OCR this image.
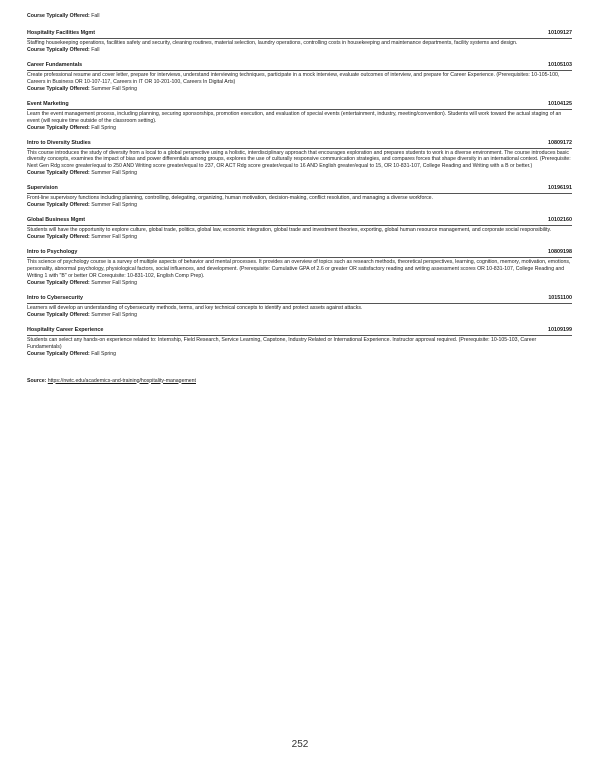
Course Typically Offered: Fall
Hospitality Facilities Mgmt	10109127
Staffing housekeeping operations, facilities safety and security, cleaning routines, material selection, laundry operations, controlling costs in housekeeping and maintenance departments, facility systems and design.
Course Typically Offered: Fall
Career Fundamentals	10105103
Create professional resume and cover letter, prepare for interviews, understand interviewing techniques, participate in a mock interview, evaluate outcomes of interview, and prepare for Career Experience. (Prerequisites: 10-105-100, Careers in Business OR 10-107-117, Careers in IT OR 10-201-100, Careers In Digital Arts)
Course Typically Offered: Summer Fall Spring
Event Marketing	10104125
Learn the event management process, including planning, securing sponsorships, promotion execution, and evaluation of special events (entertainment, industry, meeting/convention). Students will work toward the actual staging of an event (will require time outside of the classroom setting).
Course Typically Offered: Fall Spring
Intro to Diversity Studies	10809172
This course introduces the study of diversity from a local to a global perspective using a holistic, interdisciplinary approach that encourages exploration and prepares students to work in a diverse environment. The course introduces basic diversity concepts, examines the impact of bias and power differentials among groups, explores the use of culturally responsive communication strategies, and compares forces that shape diversity in an international context. (Prerequisite: Next Gen Rdg score greater/equal to 250 AND Writing score greater/equal to 237, OR ACT Rdg score greater/equal to 16 AND English greater/equal to 15, OR 10-831-107, College Reading and Writing with a B or better.)
Course Typically Offered: Summer Fall Spring
Supervision	10196191
Front-line supervisory functions including planning, controlling, delegating, organizing, human motivation, decision-making, conflict resolution, and managing a diverse workforce.
Course Typically Offered: Summer Fall Spring
Global Business Mgmt	10102160
Students will have the opportunity to explore culture, global trade, politics, global law, economic integration, global trade and investment theories, exporting, global human resource management, and corporate social responsibility.
Course Typically Offered: Summer Fall Spring
Intro to Psychology	10809198
This science of psychology course is a survey of multiple aspects of behavior and mental processes. It provides an overview of topics such as research methods, theoretical perspectives, learning, cognition, memory, motivation, emotions, personality, abnormal psychology, physiological factors, social influences, and development. (Prerequisite: Cumulative GPA of 2.6 or greater OR satisfactory reading and writing assessment scores OR 10-831-107, College Reading and Writing 1 with "B" or better OR Corequisite: 10-831-102, English Comp Prep).
Course Typically Offered: Summer Fall Spring
Intro to Cybersecurity	10151100
Learners will develop an understanding of cybersecurity methods, terms, and key technical concepts to identify and protect assets against attacks.
Course Typically Offered: Summer Fall Spring
Hospitality Career Experience	10109199
Students can select any hands-on experience related to: Internship, Field Research, Service Learning, Capstone, Industry Related or International Experience. Instructor approval required. (Prerequisite: 10-105-103, Career Fundamentals)
Course Typically Offered: Fall Spring
Source: https://nwtc.edu/academics-and-training/hospitality-management
252
